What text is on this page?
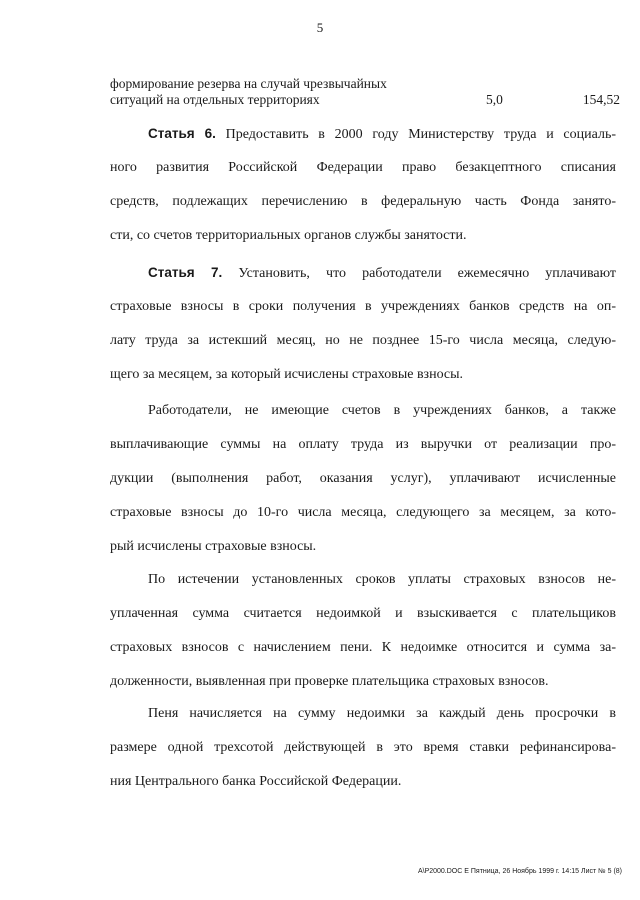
5
формирование резерва на случай чрезвычайных
ситуаций на отдельных территориях	5,0	154,52
Статья 6. Предоставить в 2000 году Министерству труда и социаль-
ного развития Российской Федерации право безакцептного списания
средств, подлежащих перечислению в федеральную часть Фонда занято-
сти, со счетов территориальных органов службы занятости.
Статья 7. Установить, что работодатели ежемесячно уплачивают
страховые взносы в сроки получения в учреждениях банков средств на оп-
лату труда за истекший месяц, но не позднее 15-го числа месяца, следую-
щего за месяцем, за который исчислены страховые взносы.
Работодатели, не имеющие счетов в учреждениях банков, а также
выплачивающие суммы на оплату труда из выручки от реализации про-
дукции (выполнения работ, оказания услуг), уплачивают исчисленные
страховые взносы до 10-го числа месяца, следующего за месяцем, за кото-
рый исчислены страховые взносы.
По истечении установленных сроков уплаты страховых взносов не-
уплаченная сумма считается недоимкой и взыскивается с плательщиков
страховых взносов с начислением пени. К недоимке относится и сумма за-
долженности, выявленная при проверке плательщика страховых взносов.
Пеня начисляется на сумму недоимки за каждый день просрочки в
размере одной трехсотой действующей в это время ставки рефинансирова-
ния Центрального банка Российской Федерации.
А\Р2000.DOC Е Пятница, 26 Ноябрь 1999 г. 14:15 Лист № 5 (8)
